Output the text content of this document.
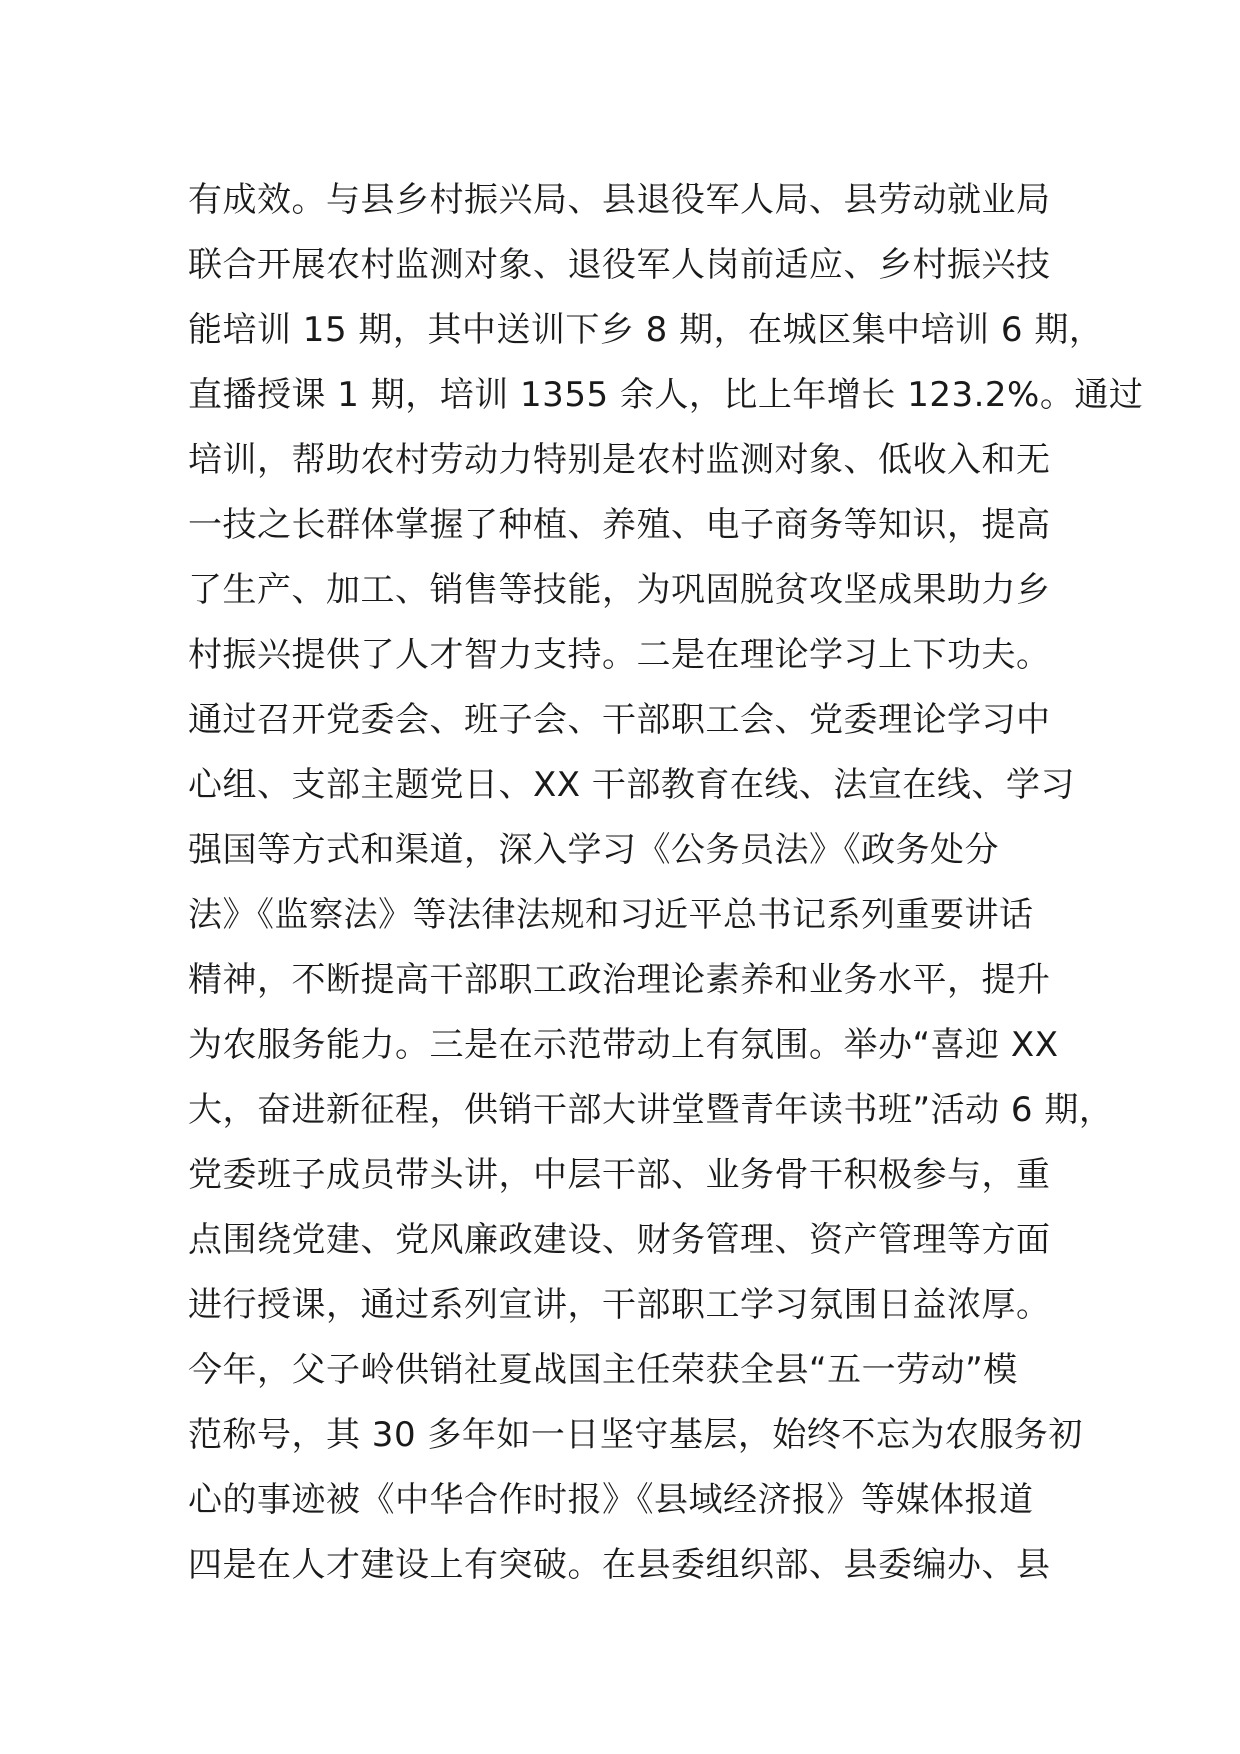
有成效。与县乡村振兴局、县退役军人局、县劳动就业局
联合开展农村监测对象、退役军人岗前适应、乡村振兴技
能培训 15 期，其中送训下乡 8 期，在城区集中培训 6 期，
直播授课 1 期，培训 1355 余人，比上年增长 123.2%。通过
培训，帮助农村劳动力特别是农村监测对象、低收入和无
一技之长群体掌握了种植、养殖、电子商务等知识，提高
了生产、加工、销售等技能，为巩固脱贫攻坚成果助力乡
村振兴提供了人才智力支持。二是在理论学习上下功夫。
通过召开党委会、班子会、干部职工会、党委理论学习中
心组、支部主题党日、XX 干部教育在线、法宣在线、学习
强国等方式和渠道，深入学习《公务员法》《政务处分
法》《监察法》等法律法规和习近平总书记系列重要讲话
精神，不断提高干部职工政治理论素养和业务水平，提升
为农服务能力。三是在示范带动上有氛围。举办“喜迎 XX
大，奋进新征程，供销干部大讲堂暨青年读书班”活动 6 期，
党委班子成员带头讲，中层干部、业务骨干积极参与，重
点围绕党建、党风廉政建设、财务管理、资产管理等方面
进行授课，通过系列宣讲，干部职工学习氛围日益浓厚。
今年，父子岭供销社夏战国主任荣获全县“五一劳动”模
范称号，其 30 多年如一日坚守基层，始终不忘为农服务初
心的事迹被《中华合作时报》《县域经济报》等媒体报道
四是在人才建设上有突破。在县委组织部、县委编办、县
